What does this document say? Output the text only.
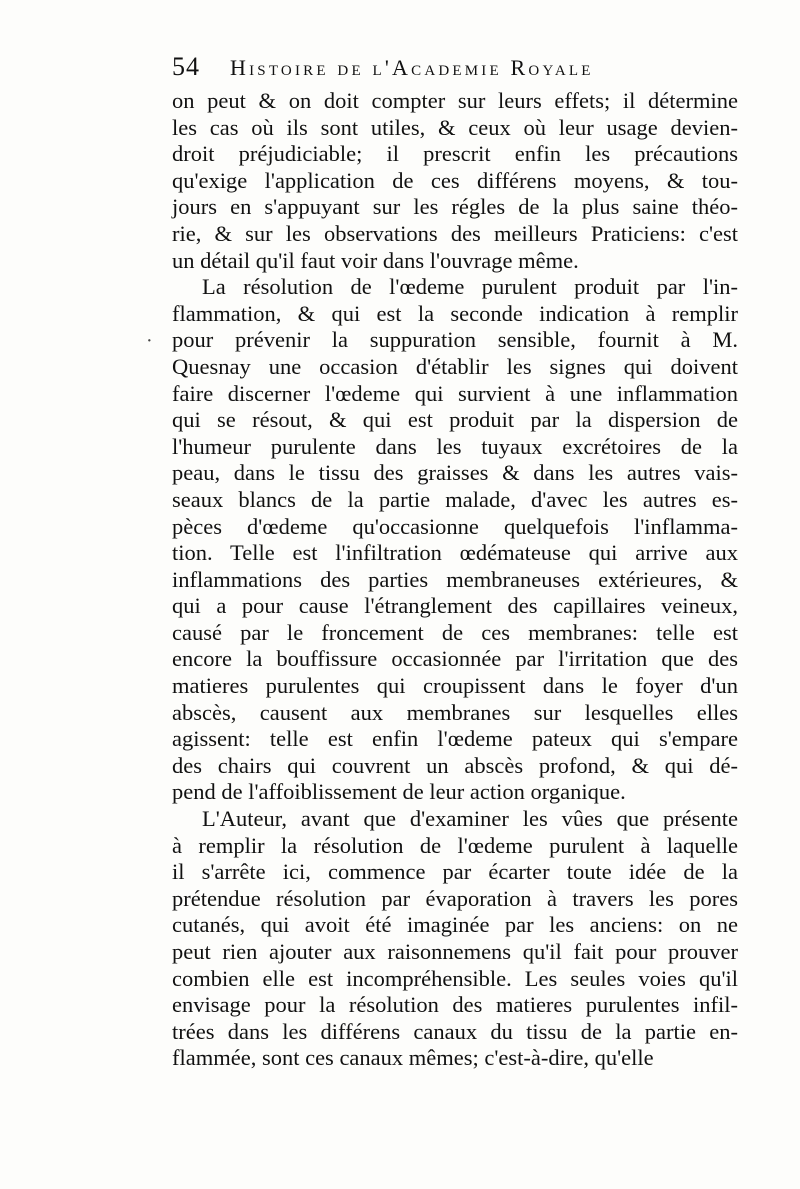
54	Histoire de l'Academie Royale
on peut & on doit compter sur leurs effets; il détermine
les cas où ils sont utiles, & ceux où leur usage devien-
droit préjudiciable; il prescrit enfin les précautions
qu'exige l'application de ces différens moyens, & tou-
jours en s'appuyant sur les régles de la plus saine théo-
rie, & sur les observations des meilleurs Praticiens: c'est
un détail qu'il faut voir dans l'ouvrage même.
La résolution de l'œdeme purulent produit par l'in-
flammation, & qui est la seconde indication à remplir
pour prévenir la suppuration sensible, fournit à M.
Quesnay une occasion d'établir les signes qui doivent
faire discerner l'œdeme qui survient à une inflammation
qui se résout, & qui est produit par la dispersion de
l'humeur purulente dans les tuyaux excrétoires de la
peau, dans le tissu des graisses & dans les autres vais-
seaux blancs de la partie malade, d'avec les autres es-
pèces d'œdeme qu'occasionne quelquefois l'inflamma-
tion. Telle est l'infiltration œdémateuse qui arrive aux
inflammations des parties membraneuses extérieures, &
qui a pour cause l'étranglement des capillaires veineux,
causé par le froncement de ces membranes: telle est
encore la bouffissure occasionnée par l'irritation que des
matieres purulentes qui croupissent dans le foyer d'un
abscès, causent aux membranes sur lesquelles elles
agissent: telle est enfin l'œdeme pateux qui s'empare
des chairs qui couvrent un abscès profond, & qui dé-
pend de l'affoiblissement de leur action organique.
L'Auteur, avant que d'examiner les vûes que présente
à remplir la résolution de l'œdeme purulent à laquelle
il s'arrête ici, commence par écarter toute idée de la
prétendue résolution par évaporation à travers les pores
cutanés, qui avoit été imaginée par les anciens: on ne
peut rien ajouter aux raisonnemens qu'il fait pour prouver
combien elle est incompréhensible. Les seules voies qu'il
envisage pour la résolution des matieres purulentes infil-
trées dans les différens canaux du tissu de la partie en-
flammée, sont ces canaux mêmes; c'est-à-dire, qu'elle
·
